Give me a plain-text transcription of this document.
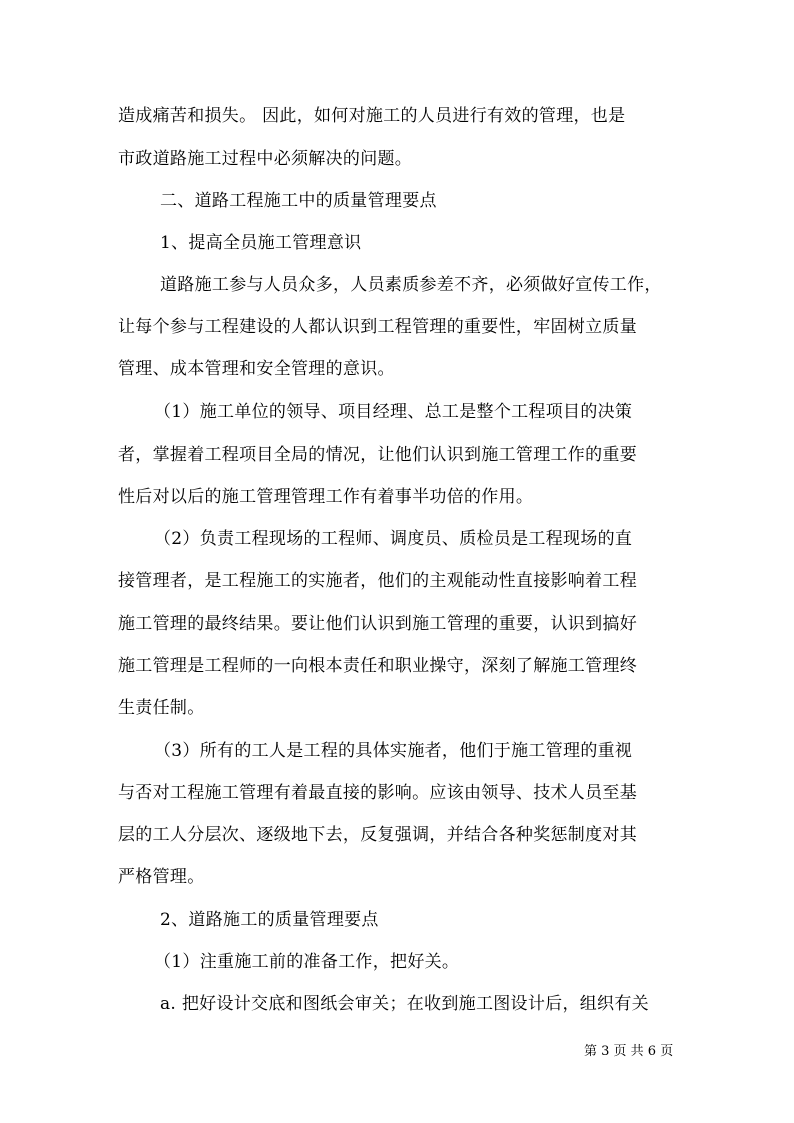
造成痛苦和损失。 因此，如何对施工的人员进行有效的管理，也是
市政道路施工过程中必须解决的问题。
二、道路工程施工中的质量管理要点
1、提高全员施工管理意识
道路施工参与人员众多，人员素质参差不齐，必须做好宣传工作，
让每个参与工程建设的人都认识到工程管理的重要性，牢固树立质量
管理、成本管理和安全管理的意识。
（1）施工单位的领导、项目经理、总工是整个工程项目的决策
者，掌握着工程项目全局的情况，让他们认识到施工管理工作的重要
性后对以后的施工管理管理工作有着事半功倍的作用。
（2）负责工程现场的工程师、调度员、质检员是工程现场的直
接管理者，是工程施工的实施者，他们的主观能动性直接影响着工程
施工管理的最终结果。要让他们认识到施工管理的重要，认识到搞好
施工管理是工程师的一向根本责任和职业操守，深刻了解施工管理终
生责任制。
（3）所有的工人是工程的具体实施者，他们于施工管理的重视
与否对工程施工管理有着最直接的影响。应该由领导、技术人员至基
层的工人分层次、逐级地下去，反复强调，并结合各种奖惩制度对其
严格管理。
2、道路施工的质量管理要点
（1）注重施工前的准备工作，把好关。
a. 把好设计交底和图纸会审关；在收到施工图设计后，组织有关
第 3 页 共 6 页
